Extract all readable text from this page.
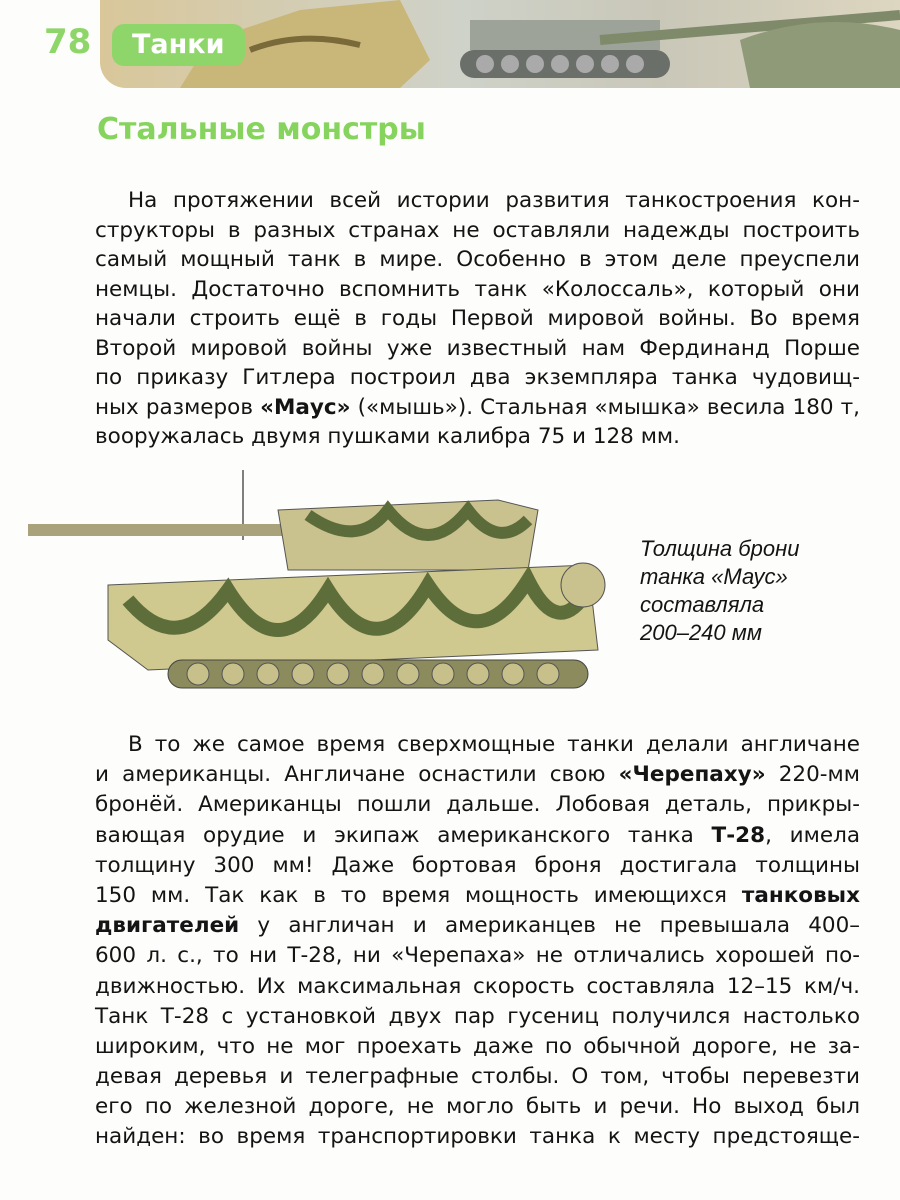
78	Танки
Стальные монстры
На протяжении всей истории развития танкостроения кон-
структоры в разных странах не оставляли надежды построить
самый мощный танк в мире. Особенно в этом деле преуспели
немцы. Достаточно вспомнить танк «Колоссаль», который они
начали строить ещё в годы Первой мировой войны. Во время
Второй мировой войны уже известный нам Фердинанд Порше
по приказу Гитлера построил два экземпляра танка чудовищ-
ных размеров «Маус» («мышь»). Стальная «мышка» весила 180 т,
вооружалась двумя пушками калибра 75 и 128 мм.
Толщина брони
танка «Маус»
составляла
200–240 мм
В то же самое время сверхмощные танки делали англичане
и американцы. Англичане оснастили свою «Черепаху» 220-мм
бронёй. Американцы пошли дальше. Лобовая деталь, прикры-
вающая орудие и экипаж американского танка Т-28, имела
толщину 300 мм! Даже бортовая броня достигала толщины
150 мм. Так как в то время мощность имеющихся танковых
двигателей у англичан и американцев не превышала 400–
600 л. с., то ни Т-28, ни «Черепаха» не отличались хорошей по-
движностью. Их максимальная скорость составляла 12–15 км/ч.
Танк Т-28 с установкой двух пар гусениц получился настолько
широким, что не мог проехать даже по обычной дороге, не за-
девая деревья и телеграфные столбы. О том, чтобы перевезти
его по железной дороге, не могло быть и речи. Но выход был
найден: во время транспортировки танка к месту предстояще-
